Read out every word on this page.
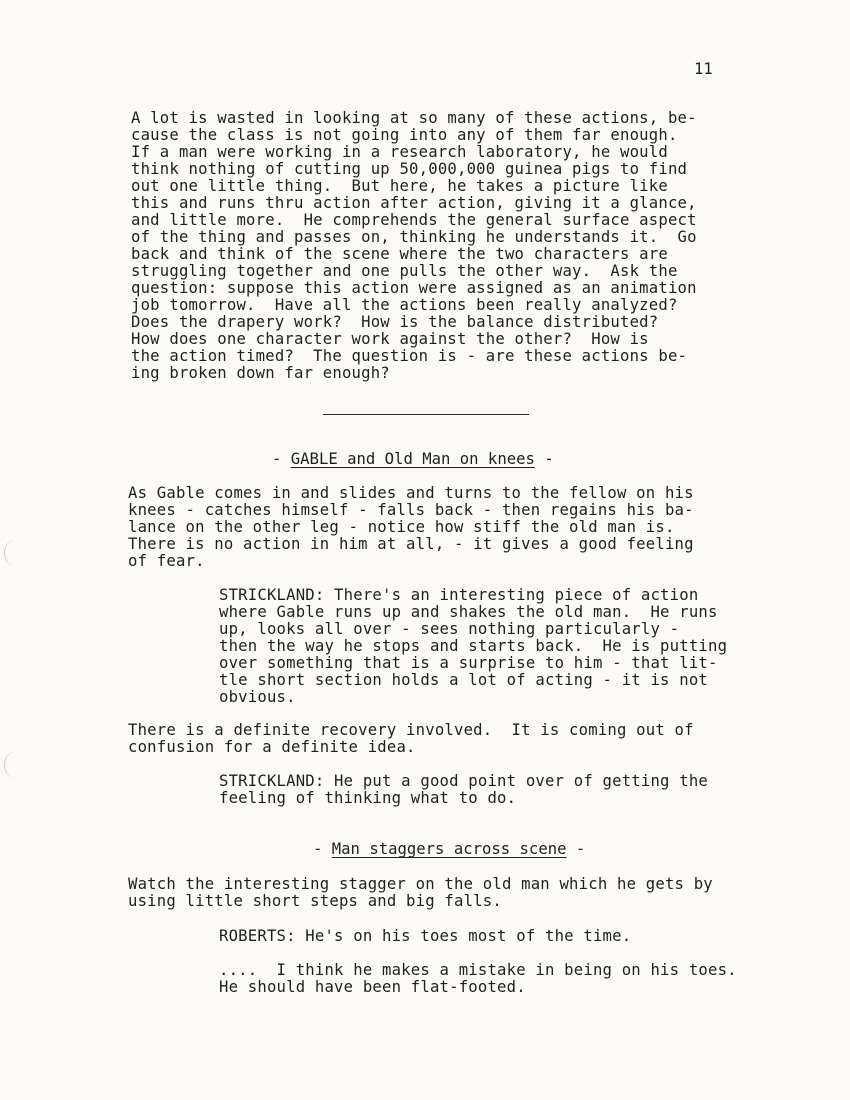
11
A lot is wasted in looking at so many of these actions, be-
cause the class is not going into any of them far enough.
If a man were working in a research laboratory, he would
think nothing of cutting up 50,000,000 guinea pigs to find
out one little thing.  But here, he takes a picture like
this and runs thru action after action, giving it a glance,
and little more.  He comprehends the general surface aspect
of the thing and passes on, thinking he understands it.  Go
back and think of the scene where the two characters are
struggling together and one pulls the other way.  Ask the
question: suppose this action were assigned as an animation
job tomorrow.  Have all the actions been really analyzed?
Does the drapery work?  How is the balance distributed?
How does one character work against the other?  How is
the action timed?  The question is - are these actions be-
ing broken down far enough?
- GABLE and Old Man on knees -
As Gable comes in and slides and turns to the fellow on his
knees - catches himself - falls back - then regains his ba-
lance on the other leg - notice how stiff the old man is.
There is no action in him at all, - it gives a good feeling
of fear.
STRICKLAND: There's an interesting piece of action
where Gable runs up and shakes the old man.  He runs
up, looks all over - sees nothing particularly -
then the way he stops and starts back.  He is putting
over something that is a surprise to him - that lit-
tle short section holds a lot of acting - it is not
obvious.
There is a definite recovery involved.  It is coming out of
confusion for a definite idea.
STRICKLAND: He put a good point over of getting the
feeling of thinking what to do.
- Man staggers across scene -
Watch the interesting stagger on the old man which he gets by
using little short steps and big falls.
ROBERTS: He's on his toes most of the time.
....  I think he makes a mistake in being on his toes.
He should have been flat-footed.
